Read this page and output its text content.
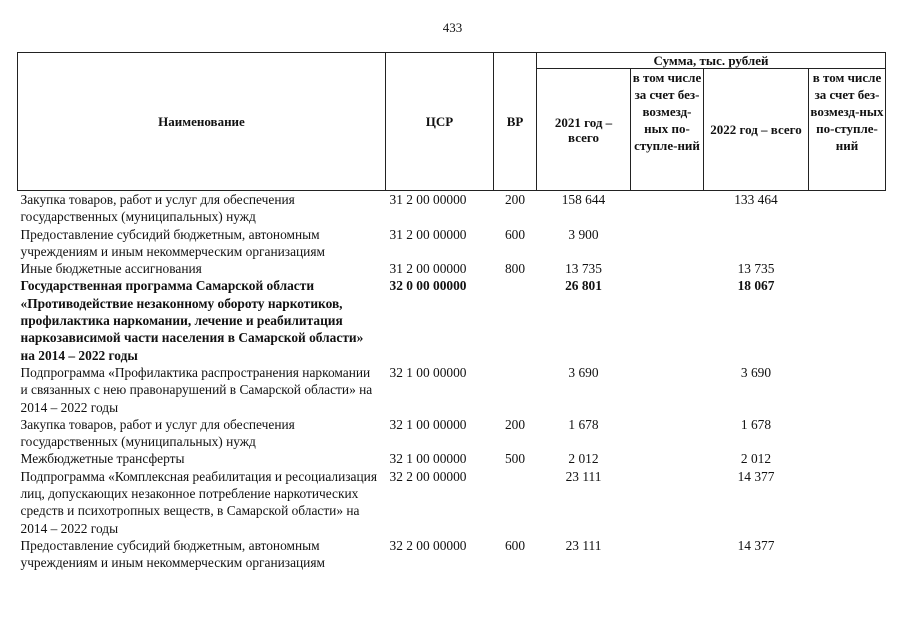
433
Наименование	ЦСР	ВР	Сумма, тыс. рублей			
			2021 год – всего	в том числе за счет без-возмезд-ных по-ступле-ний	2022 год – всего	в том числе за счет без-возмезд-ных по-ступле-ний
Закупка товаров, работ и услуг для обеспечения государственных (муниципальных) нужд	31 2 00 00000	200	158 644		133 464	
Предоставление субсидий бюджетным, автономным учреждениям и иным некоммерческим организациям	31 2 00 00000	600	3 900			
Иные бюджетные ассигнования	31 2 00 00000	800	13 735		13 735	
Государственная программа Самарской области «Противодействие незаконному обороту наркотиков, профилактика наркомании, лечение и реабилитация наркозависимой части населения в Самарской области» на 2014 – 2022 годы	32 0 00 00000		26 801		18 067	
Подпрограмма «Профилактика распространения наркомании и связанных с нею правонарушений в Самарской области» на 2014 – 2022 годы	32 1 00 00000		3 690		3 690	
Закупка товаров, работ и услуг для обеспечения государственных (муниципальных) нужд	32 1 00 00000	200	1 678		1 678	
Межбюджетные трансферты	32 1 00 00000	500	2 012		2 012	
Подпрограмма «Комплексная реабилитация и ресоциализация лиц, допускающих незаконное потребление наркотических средств и психотропных веществ, в Самарской области» на 2014 – 2022 годы	32 2 00 00000		23 111		14 377	
Предоставление субсидий бюджетным, автономным учреждениям и иным некоммерческим организациям	32 2 00 00000	600	23 111		14 377	
